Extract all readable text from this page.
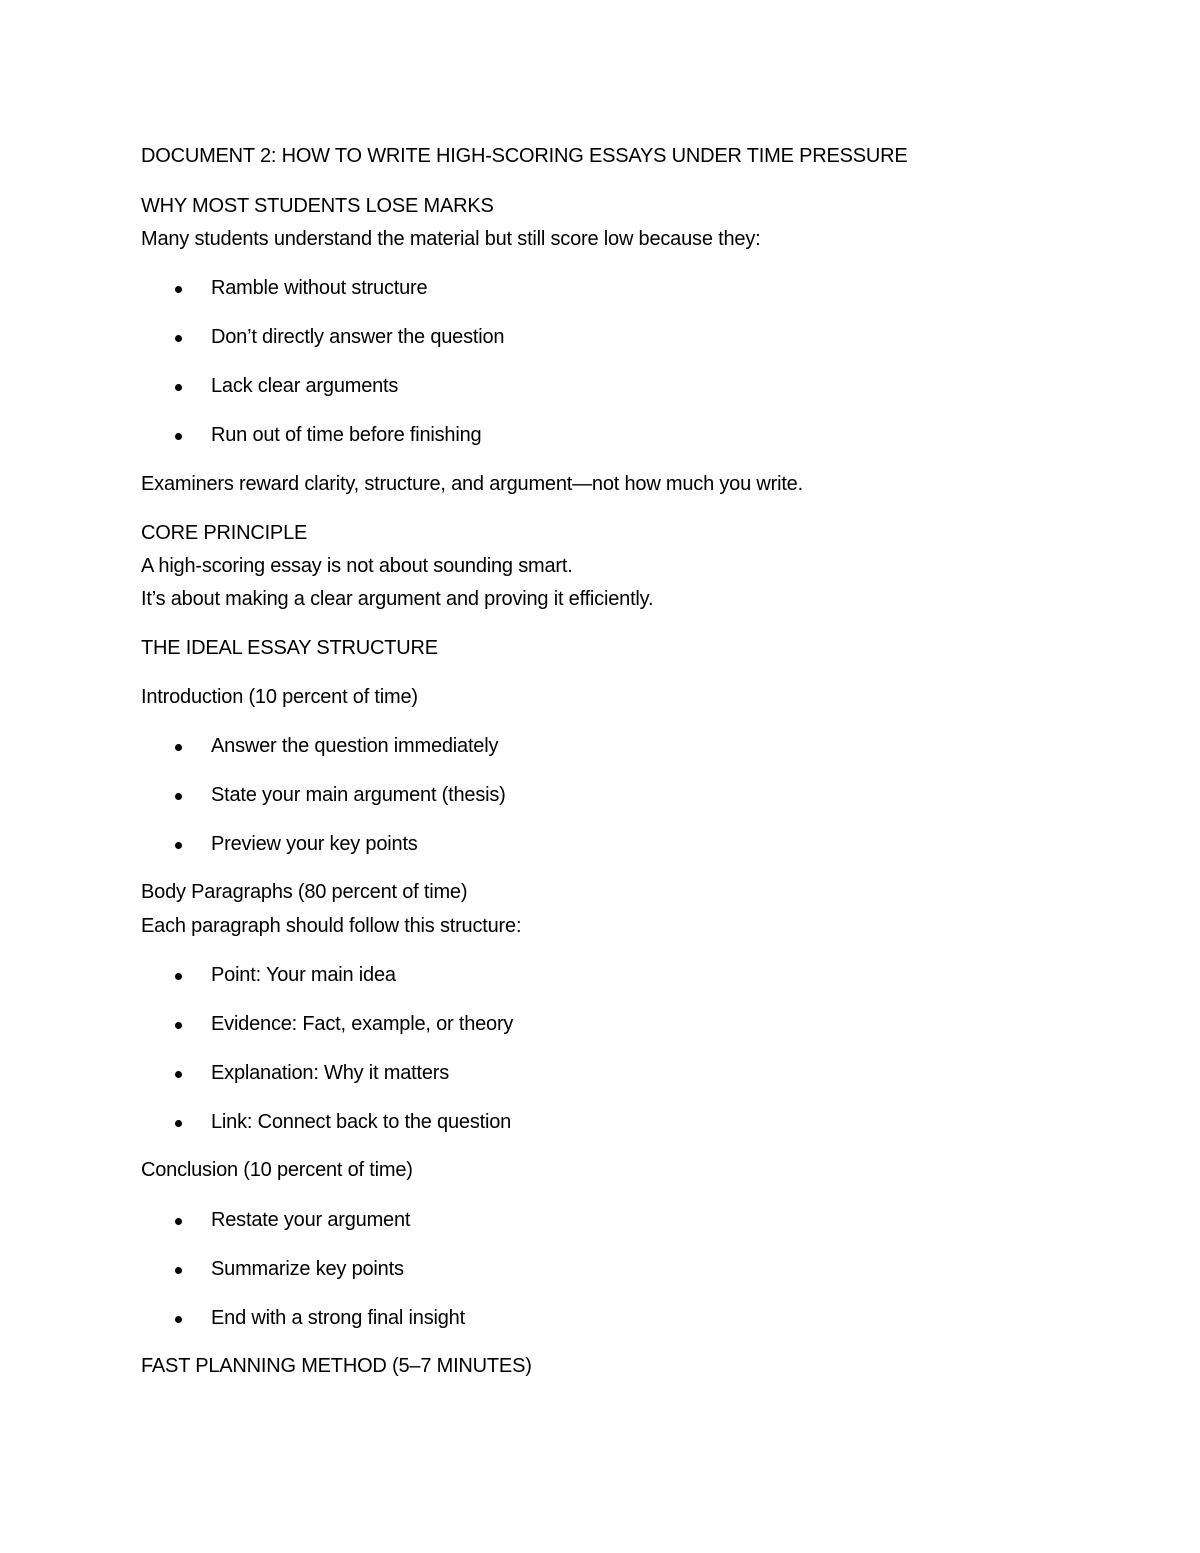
DOCUMENT 2: HOW TO WRITE HIGH-SCORING ESSAYS UNDER TIME PRESSURE
WHY MOST STUDENTS LOSE MARKS
Many students understand the material but still score low because they:
Ramble without structure
Don’t directly answer the question
Lack clear arguments
Run out of time before finishing
Examiners reward clarity, structure, and argument—not how much you write.
CORE PRINCIPLE
A high-scoring essay is not about sounding smart.
It’s about making a clear argument and proving it efficiently.
THE IDEAL ESSAY STRUCTURE
Introduction (10 percent of time)
Answer the question immediately
State your main argument (thesis)
Preview your key points
Body Paragraphs (80 percent of time)
Each paragraph should follow this structure:
Point: Your main idea
Evidence: Fact, example, or theory
Explanation: Why it matters
Link: Connect back to the question
Conclusion (10 percent of time)
Restate your argument
Summarize key points
End with a strong final insight
FAST PLANNING METHOD (5–7 MINUTES)
